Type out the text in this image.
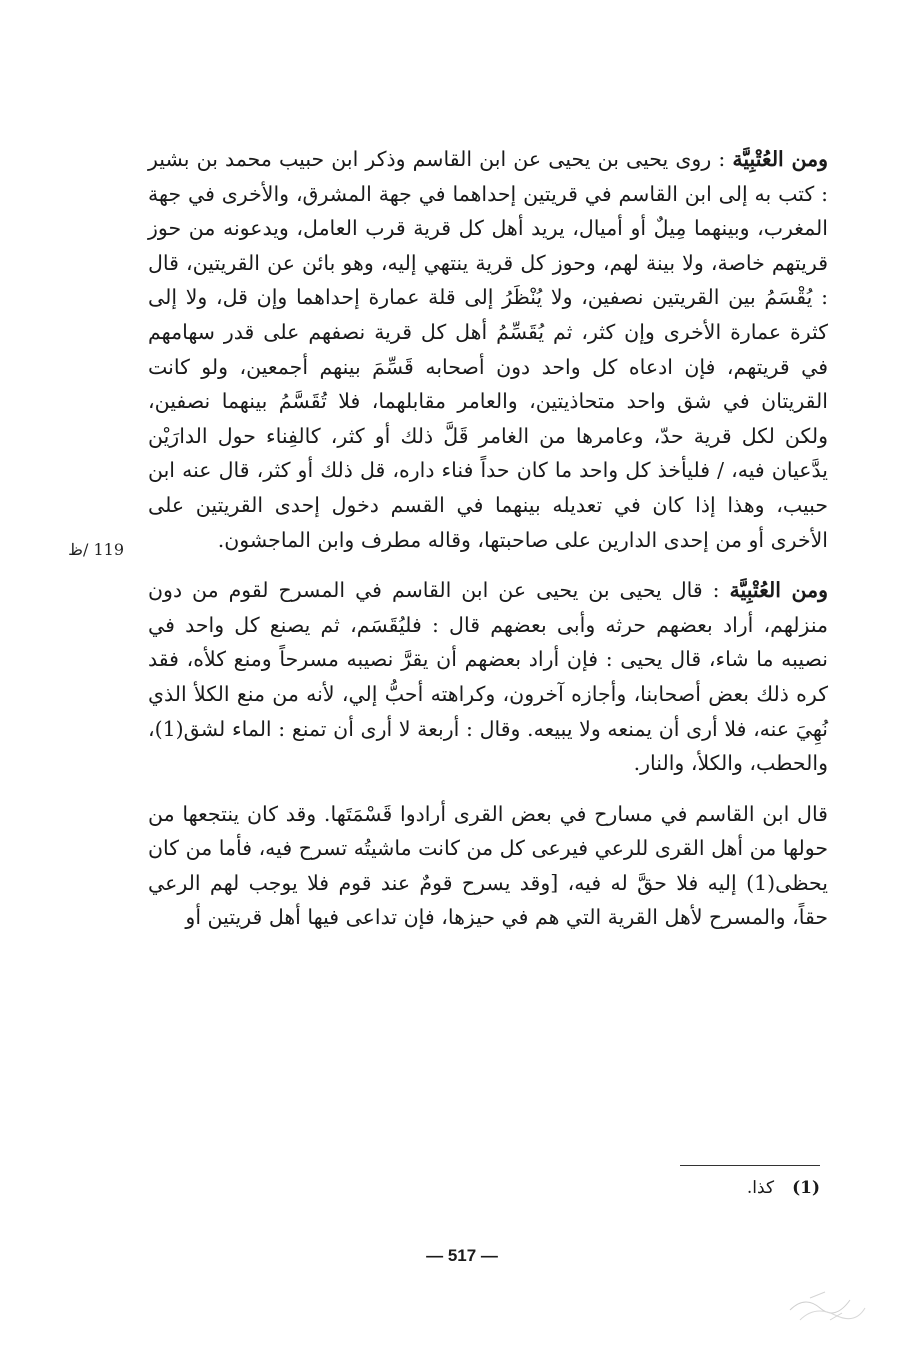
ومن العُتْبِيَّة : روى يحيى بن يحيى عن ابن القاسم وذكر ابن حبيب محمد بن بشير : كتب به إلى ابن القاسم في قريتين إحداهما في جهة المشرق، والأخرى في جهة المغرب، وبينهما مِيلٌ أو أميال، يريد أهل كل قرية قرب العامل، ويدعونه من حوز قريتهم خاصة، ولا بينة لهم، وحوز كل قرية ينتهي إليه، وهو بائن عن القريتين، قال : يُقْسَمُ بين القريتين نصفين، ولا يُنْظَرُ إلى قلة عمارة إحداهما وإن قل، ولا إلى كثرة عمارة الأخرى وإن كثر، ثم يُقَسِّمُ أهل كل قرية نصفهم على قدر سهامهم في قريتهم، فإن ادعاه كل واحد دون أصحابه قَسِّمَ بينهم أجمعين، ولو كانت القريتان في شق واحد متحاذيتين، والعامر مقابلهما، فلا تُقَسَّمُ بينهما نصفين، ولكن لكل قرية حدّ، وعامرها من الغامر قَلَّ ذلك أو كثر، كالفِناء حول الدارَيْن يدَّعيان فيه، / فليأخذ كل واحد ما كان حداً فناء داره، قل ذلك أو كثر، قال عنه ابن حبيب، وهذا إذا كان في تعديله بينهما في القسم دخول إحدى القريتين على الأخرى أو من إحدى الدارين على صاحبتها، وقاله مطرف وابن الماجشون.

ومن العُتْبِيَّة : قال يحيى بن يحيى عن ابن القاسم في المسرح لقوم من دون منزلهم، أراد بعضهم حرثه وأبى بعضهم قال : فليُقَسَم، ثم يصنع كل واحد في نصيبه ما شاء، قال يحيى : فإن أراد بعضهم أن يقرَّ نصيبه مسرحاً ومنع كلأه، فقد كره ذلك بعض أصحابنا، وأجازه آخرون، وكراهته أحبُّ إلي، لأنه من منع الكلأ الذي نُهِيَ عنه، فلا أرى أن يمنعه ولا يبيعه. وقال : أربعة لا أرى أن تمنع : الماء لشق(1)، والحطب، والكلأ، والنار.

قال ابن القاسم في مسارح في بعض القرى أرادوا قَسْمَتَها. وقد كان ينتجعها من حولها من أهل القرى للرعي فيرعى كل من كانت ماشيتُه تسرح فيه، فأما من كان يحظى(1) إليه فلا حقَّ له فيه، [وقد يسرح قومٌ عند قوم فلا يوجب لهم الرعي حقاً، والمسرح لأهل القرية التي هم في حيزها، فإن تداعى فيها أهل قريتين أو

119 /ظ
(1)كذا.
— 517 —
